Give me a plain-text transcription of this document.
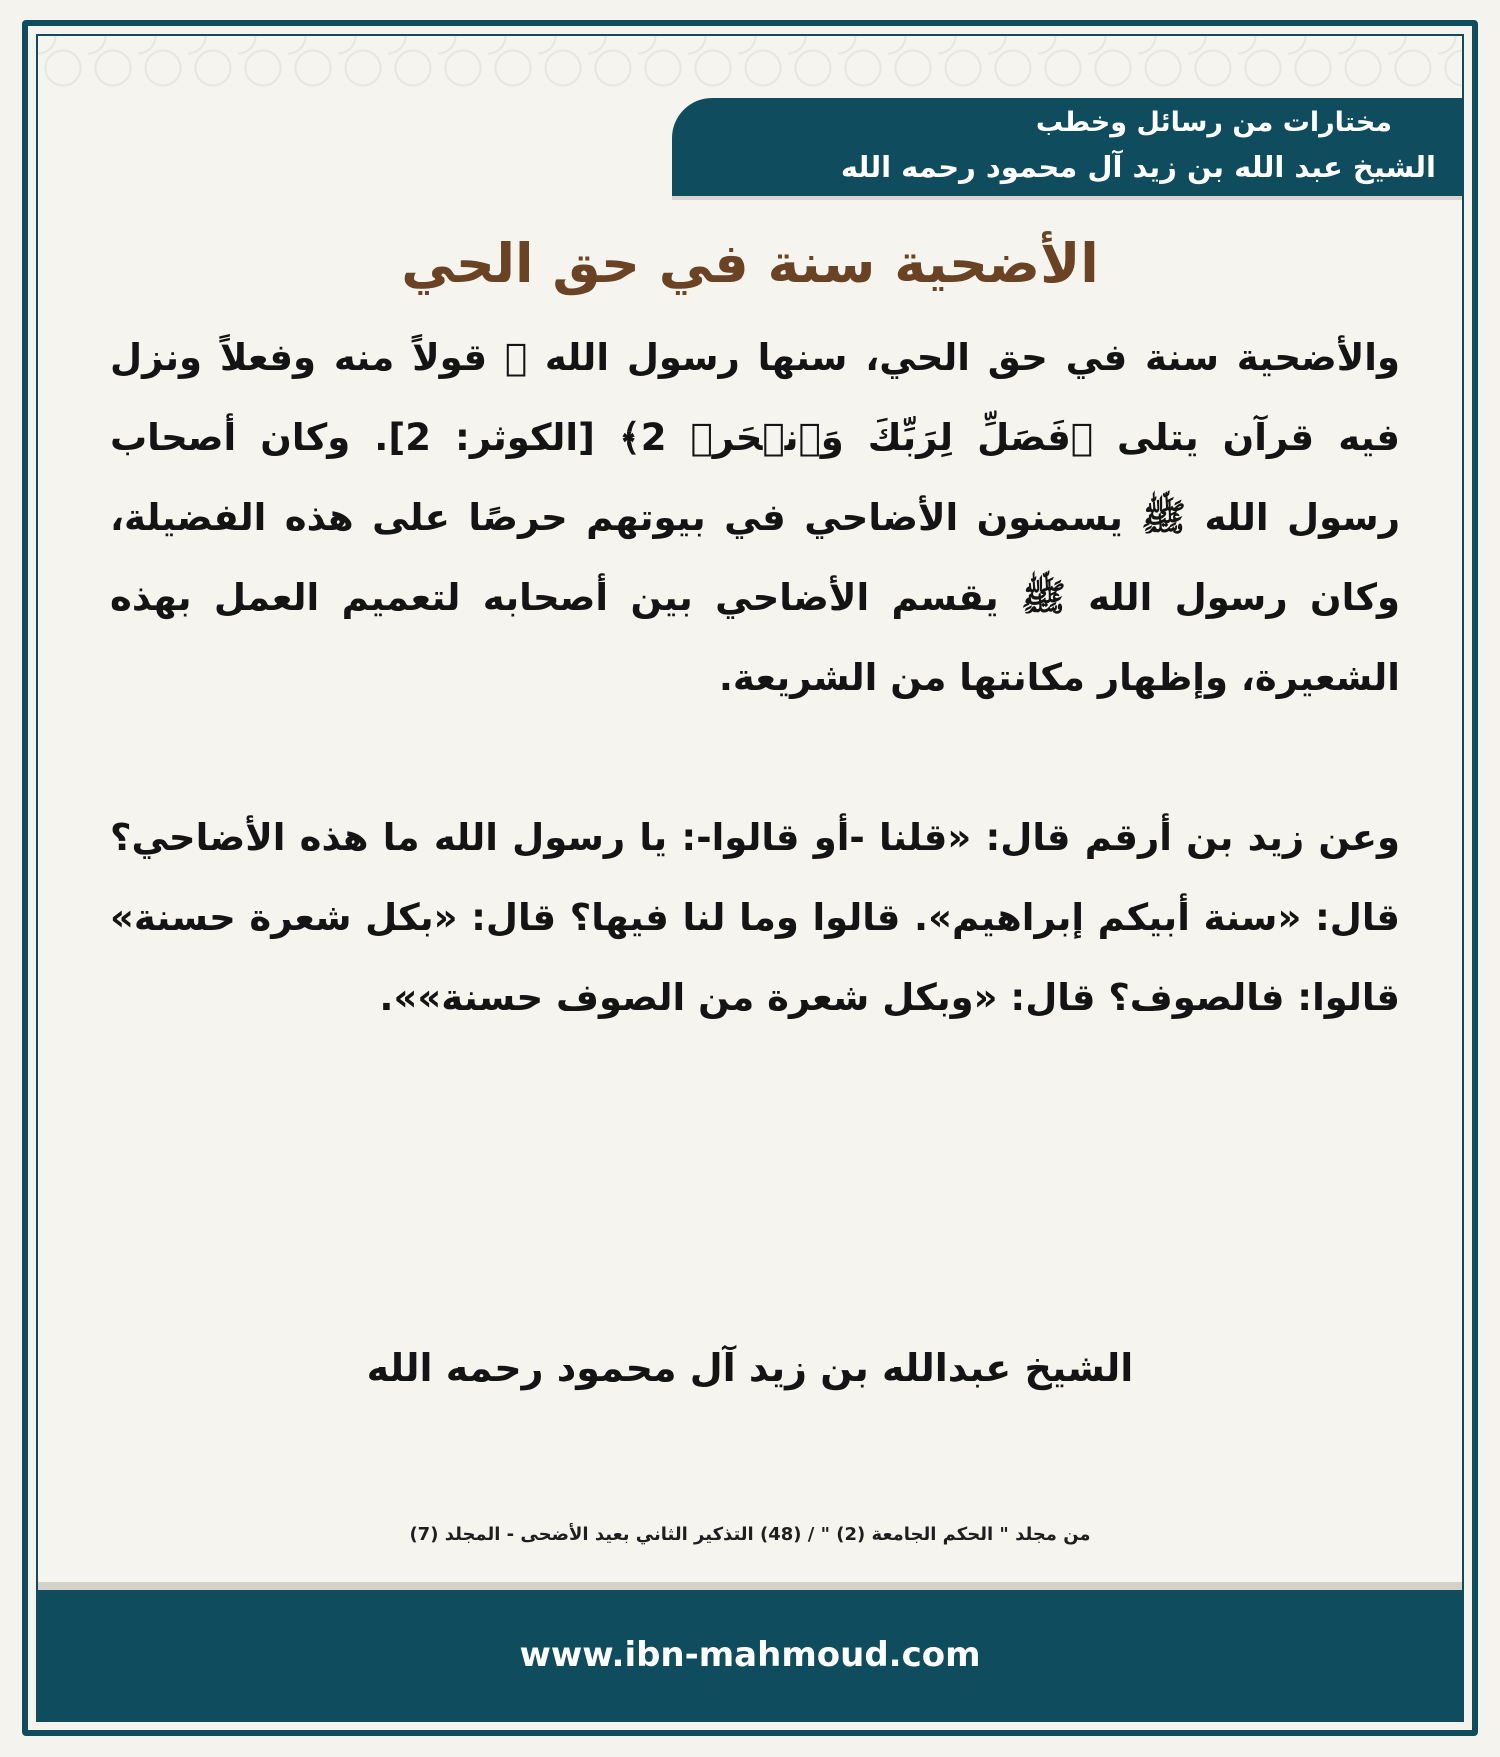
مختارات من رسائل وخطب
الشيخ عبد الله بن زيد آل محمود رحمه الله
الأضحية سنة في حق الحي

والأضحية سنة في حق الحي، سنها رسول الله ﷺ قولاً منه وفعلاً ونزل فيه قرآن يتلى ﴿فَصَلِّ لِرَبِّكَ وَٱنۡحَرۡ 2﴾ [الكوثر: 2]. وكان أصحاب رسول الله ﷺ يسمنون الأضاحي في بيوتهم حرصًا على هذه الفضيلة، وكان رسول الله ﷺ يقسم الأضاحي بين أصحابه لتعميم العمل بهذه الشعيرة، وإظهار مكانتها من الشريعة.

وعن زيد بن أرقم قال: «قلنا -أو قالوا-: يا رسول الله ما هذه الأضاحي؟ قال: «سنة أبيكم إبراهيم». قالوا وما لنا فيها؟ قال: «بكل شعرة حسنة» قالوا: فالصوف؟ قال: «وبكل شعرة من الصوف حسنة»».

الشيخ عبدالله بن زيد آل محمود رحمه الله
من مجلد " الحكم الجامعة (2) " / (48) التذكير الثاني بعيد الأضحى - المجلد (7)
www.ibn-mahmoud.com
